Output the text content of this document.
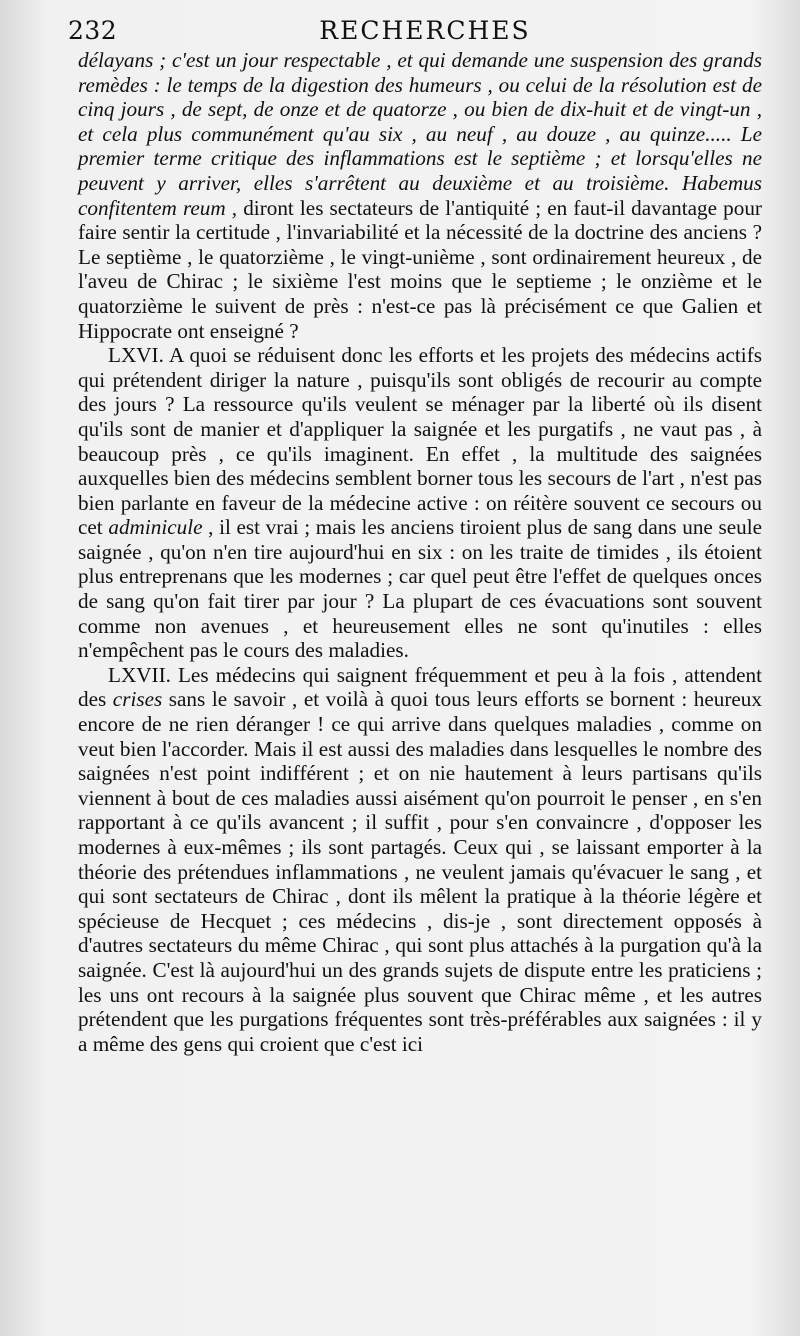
232	RECHERCHES

délayans ; c'est un jour respectable , et qui demande une suspension des grands remèdes : le temps de la digestion des humeurs , ou celui de la résolution est de cinq jours , de sept, de onze et de quatorze , ou bien de dix-huit et de vingt-un , et cela plus communément qu'au six , au neuf , au douze , au quinze..... Le premier terme critique des inflammations est le septième ; et lorsqu'elles ne peuvent y arriver, elles s'arrêtent au deuxième et au troisième. Habemus confitentem reum , diront les sectateurs de l'antiquité ; en faut-il davantage pour faire sentir la certitude , l'invariabilité et la nécessité de la doctrine des anciens ? Le septième , le quatorzième , le vingt-unième , sont ordinairement heureux , de l'aveu de Chirac ; le sixième l'est moins que le septieme ; le onzième et le quatorzième le suivent de près : n'est-ce pas là précisément ce que Galien et Hippocrate ont enseigné ?

LXVI. A quoi se réduisent donc les efforts et les projets des médecins actifs qui prétendent diriger la nature , puisqu'ils sont obligés de recourir au compte des jours ? La ressource qu'ils veulent se ménager par la liberté où ils disent qu'ils sont de manier et d'appliquer la saignée et les purgatifs , ne vaut pas , à beaucoup près , ce qu'ils imaginent. En effet , la multitude des saignées auxquelles bien des médecins semblent borner tous les secours de l'art , n'est pas bien parlante en faveur de la médecine active : on réitère souvent ce secours ou cet adminicule , il est vrai ; mais les anciens tiroient plus de sang dans une seule saignée , qu'on n'en tire aujourd'hui en six : on les traite de timides , ils étoient plus entreprenans que les modernes ; car quel peut être l'effet de quelques onces de sang qu'on fait tirer par jour ? La plupart de ces évacuations sont souvent comme non avenues , et heureusement elles ne sont qu'inutiles : elles n'empêchent pas le cours des maladies.

LXVII. Les médecins qui saignent fréquemment et peu à la fois , attendent des crises sans le savoir , et voilà à quoi tous leurs efforts se bornent : heureux encore de ne rien déranger ! ce qui arrive dans quelques maladies , comme on veut bien l'accorder. Mais il est aussi des maladies dans lesquelles le nombre des saignées n'est point indifférent ; et on nie hautement à leurs partisans qu'ils viennent à bout de ces maladies aussi aisément qu'on pourroit le penser , en s'en rapportant à ce qu'ils avancent ; il suffit , pour s'en convaincre , d'opposer les modernes à eux-mêmes ; ils sont partagés. Ceux qui , se laissant emporter à la théorie des prétendues inflammations , ne veulent jamais qu'évacuer le sang , et qui sont sectateurs de Chirac , dont ils mêlent la pratique à la théorie légère et spécieuse de Hecquet ; ces médecins , dis-je , sont directement opposés à d'autres sectateurs du même Chirac , qui sont plus attachés à la purgation qu'à la saignée. C'est là aujourd'hui un des grands sujets de dispute entre les praticiens ; les uns ont recours à la saignée plus souvent que Chirac même , et les autres prétendent que les purgations fréquentes sont très-préférables aux saignées : il y a même des gens qui croient que c'est ici
